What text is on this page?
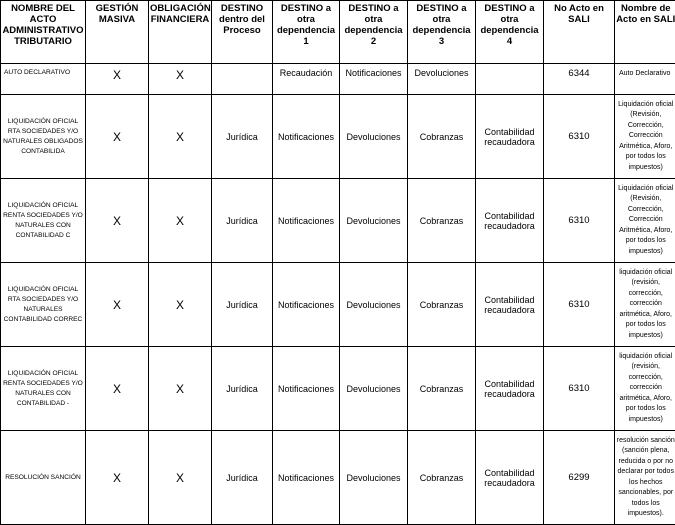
NOMBRE DEL ACTO ADMINISTRATIVO TRIBUTARIO	GESTIÓN MASIVA	OBLIGACIÓN FINANCIERA	DESTINO dentro del Proceso	DESTINO a otra dependencia 1	DESTINO a otra dependencia 2	DESTINO a otra dependencia 3	DESTINO a otra dependencia 4	No Acto en SALI	Nombre de Acto en SALI
AUTO DECLARATIVO	X	X		Recaudación	Notificaciones	Devoluciones		6344	Auto Declarativo
LIQUIDACIÓN OFICIAL RTA SOCIEDADES Y/O NATURALES OBLIGADOS CONTABILIDA	X	X	Jurídica	Notificaciones	Devoluciones	Cobranzas	Contabilidad recaudadora	6310	Liquidación oficial (Revisión, Corrección, Corrección Aritmética, Aforo, por todos los impuestos)
LIQUIDACIÓN OFICIAL RENTA SOCIEDADES Y/O NATURALES CON CONTABILIDAD C	X	X	Jurídica	Notificaciones	Devoluciones	Cobranzas	Contabilidad recaudadora	6310	Liquidación oficial (Revisión, Corrección, Corrección Aritmética, Aforo, por todos los impuestos)
LIQUIDACIÓN OFICIAL RTA SOCIEDADES Y/O NATURALES CONTABILIDAD CORREC	X	X	Jurídica	Notificaciones	Devoluciones	Cobranzas	Contabilidad recaudadora	6310	liquidación oficial (revisión, corrección, corrección aritmética, Aforo, por todos los impuestos)
LIQUIDACIÓN OFICIAL RENTA SOCIEDADES Y/O NATURALES CON CONTABILIDAD -	X	X	Jurídica	Notificaciones	Devoluciones	Cobranzas	Contabilidad recaudadora	6310	liquidación oficial (revisión, corrección, corrección aritmética, Aforo, por todos los impuestos)
RESOLUCIÓN SANCIÓN	X	X	Jurídica	Notificaciones	Devoluciones	Cobranzas	Contabilidad recaudadora	6299	resolución sanción (sanción plena, reducida o por no declarar por todos los hechos sancionables, por todos los impuestos).
